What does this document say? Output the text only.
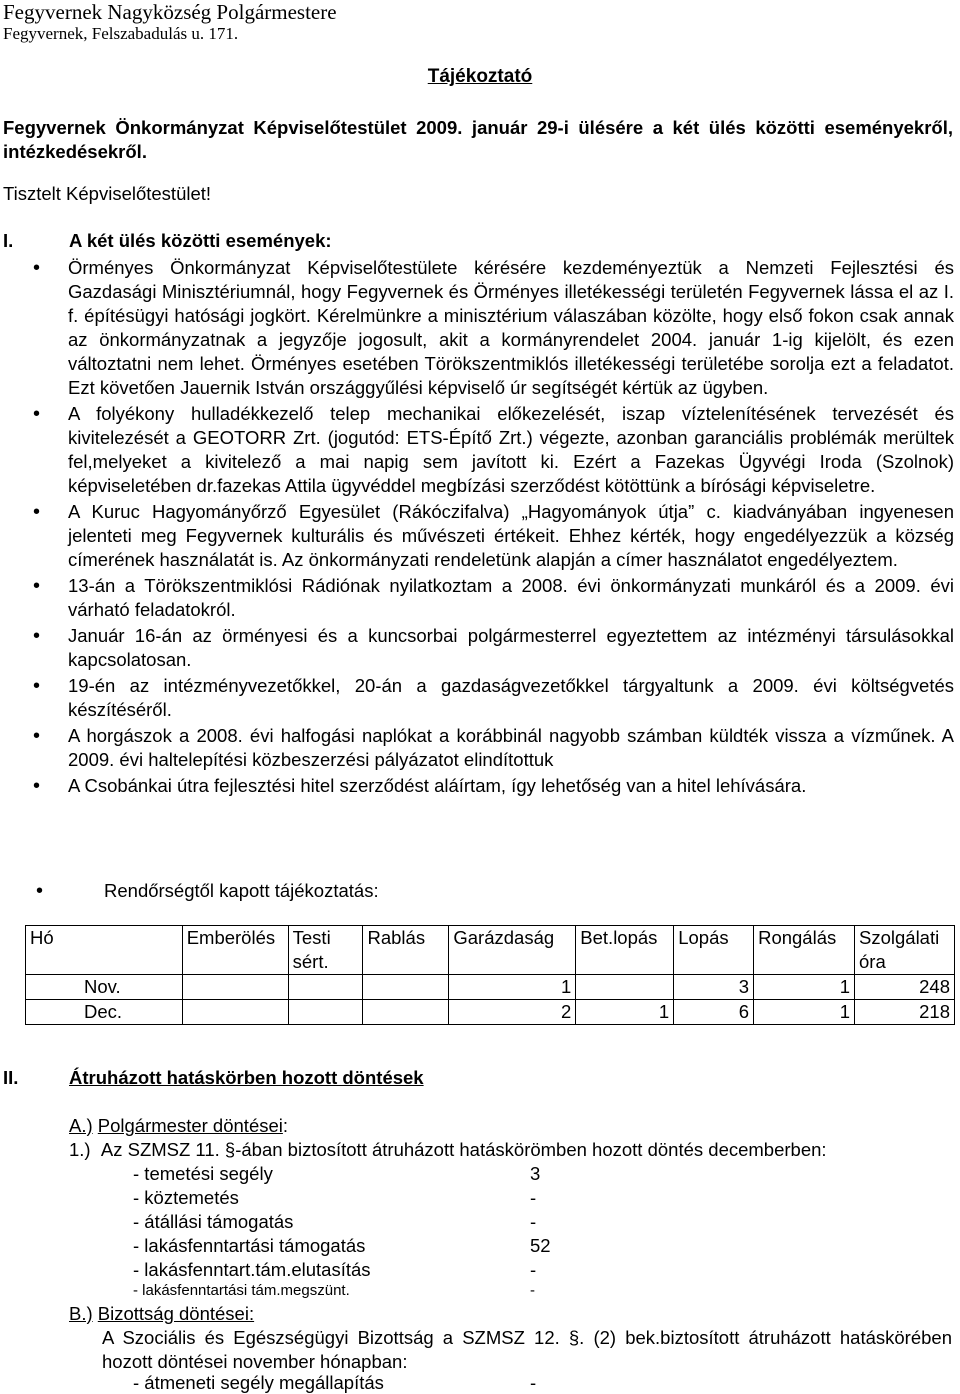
Fegyvernek Nagyközség Polgármestere
Fegyvernek, Felszabadulás u. 171.
Tájékoztató
Fegyvernek Önkormányzat Képviselőtestület 2009. január 29-i ülésére a két ülés közötti eseményekről, intézkedésekről.
Tisztelt Képviselőtestület!
I.	A két ülés közötti események:
• Örményes Önkormányzat Képviselőtestülete kérésére kezdeményeztük a Nemzeti Fejlesztési és Gazdasági Minisztériumnál, hogy Fegyvernek és Örményes illetékességi területén Fegyvernek lássa el az I. f. építésügyi hatósági jogkört. Kérelmünkre a minisztérium válaszában közölte, hogy első fokon csak annak az önkormányzatnak a jegyzője jogosult, akit a kormányrendelet 2004. január 1-ig kijelölt, és ezen változtatni nem lehet. Örményes esetében Törökszentmiklós illetékességi területébe sorolja ezt a feladatot. Ezt követően Jauernik István országgyűlési képviselő úr segítségét kértük az ügyben.
• A folyékony hulladékkezelő telep mechanikai előkezelését, iszap víztelenítésének tervezését és kivitelezését a GEOTORR Zrt. (jogutód: ETS-Építő Zrt.) végezte, azonban garanciális problémák merültek fel,melyeket a kivitelező a mai napig sem javított ki. Ezért a Fazekas Ügyvégi Iroda (Szolnok) képviseletében dr.fazekas Attila ügyvéddel megbízási szerződést kötöttünk a bírósági képviseletre.
• A Kuruc Hagyományőrző Egyesület (Rákóczifalva) „Hagyományok útja” c. kiadványában ingyenesen jelenteti meg Fegyvernek kulturális és művészeti értékeit. Ehhez kérték, hogy engedélyezzük a község címerének használatát is. Az önkormányzati rendeletünk alapján a címer használatot engedélyeztem.
• 13-án a Törökszentmiklósi Rádiónak nyilatkoztam a 2008. évi önkormányzati munkáról és a 2009. évi várható feladatokról.
• Január 16-án az örményesi és a kuncsorbai polgármesterrel egyeztettem az intézményi társulásokkal kapcsolatosan.
• 19-én az intézményvezetőkkel, 20-án a gazdaságvezetőkkel tárgyaltunk a 2009. évi költségvetés készítéséről.
• A horgászok a 2008. évi halfogási naplókat a korábbinál nagyobb számban küldték vissza a vízműnek. A 2009. évi haltelepítési közbeszerzési pályázatot elindítottuk
• A Csobánkai útra fejlesztési hitel szerződést aláírtam, így lehetőség van a hitel lehívására.
• Rendőrségtől kapott tájékoztatás:
Hó	Emberölés	Testi sért.	Rablás	Garázdaság	Bet.lopás	Lopás	Rongálás	Szolgálati óra
Nov.				1		3	1	248
Dec.				2	1	6	1	218
II.	Átruházott hatáskörben hozott döntések
A.) Polgármester döntései:
1.) Az SZMSZ 11. §-ában biztosított átruházott hatáskörömben hozott döntés decemberben:
- temetési segély	3
- köztemetés	-
- átállási támogatás	-
- lakásfenntartási támogatás	52
- lakásfenntart.tám.elutasítás	-
- lakásfenntartási tám.megszünt.	-
B.) Bizottság döntései:
A Szociális és Egészségügyi Bizottság a SZMSZ 12. §. (2) bek.biztosított átruházott hatáskörében hozott döntései november hónapban:
- átmeneti segély megállapítás	-
